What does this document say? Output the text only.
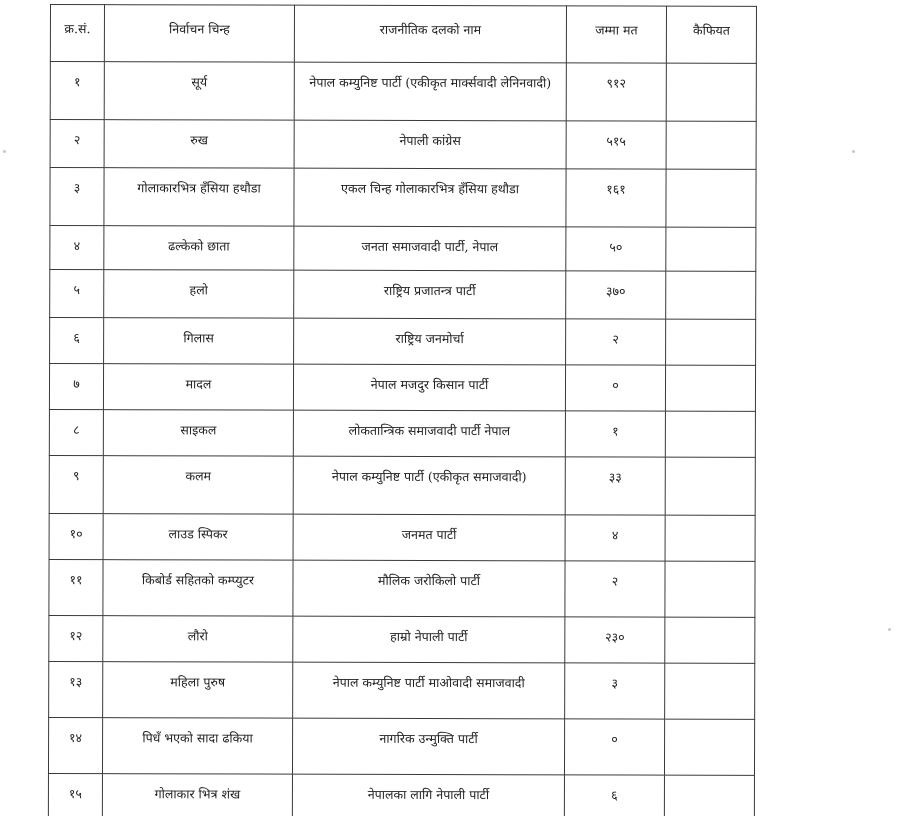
क्र.सं.	निर्वाचन चिन्ह	राजनीतिक दलको नाम	जम्मा मत	कैफियत
१	सूर्य	नेपाल कम्युनिष्ट पार्टी (एकीकृत मार्क्सवादी लेनिनवादी)	९१२	
२	रुख	नेपाली कांग्रेस	५१५	
३	गोलाकारभित्र हँसिया हथौडा	एकल चिन्ह गोलाकारभित्र हँसिया हथौडा	१६१	
४	ढल्केको छाता	जनता समाजवादी पार्टी, नेपाल	५०	
५	हलो	राष्ट्रिय प्रजातन्त्र पार्टी	३७०	
६	गिलास	राष्ट्रिय जनमोर्चा	२	
७	मादल	नेपाल मजदुर किसान पार्टी	०	
८	साइकल	लोकतान्त्रिक समाजवादी पार्टी नेपाल	१	
९	कलम	नेपाल कम्युनिष्ट पार्टी (एकीकृत समाजवादी)	३३	
१०	लाउड स्पिकर	जनमत पार्टी	४	
११	किबोर्ड सहितको कम्प्युटर	मौलिक जरोकिलो पार्टी	२	
१२	लौरो	हाम्रो नेपाली पार्टी	२३०	
१३	महिला पुरुष	नेपाल कम्युनिष्ट पार्टी माओवादी समाजवादी	३	
१४	पिधँ भएको सादा ढकिया	नागरिक उन्मुक्ति पार्टी	०	
१५	गोलाकार भित्र शंख	नेपालका लागि नेपाली पार्टी	६	
